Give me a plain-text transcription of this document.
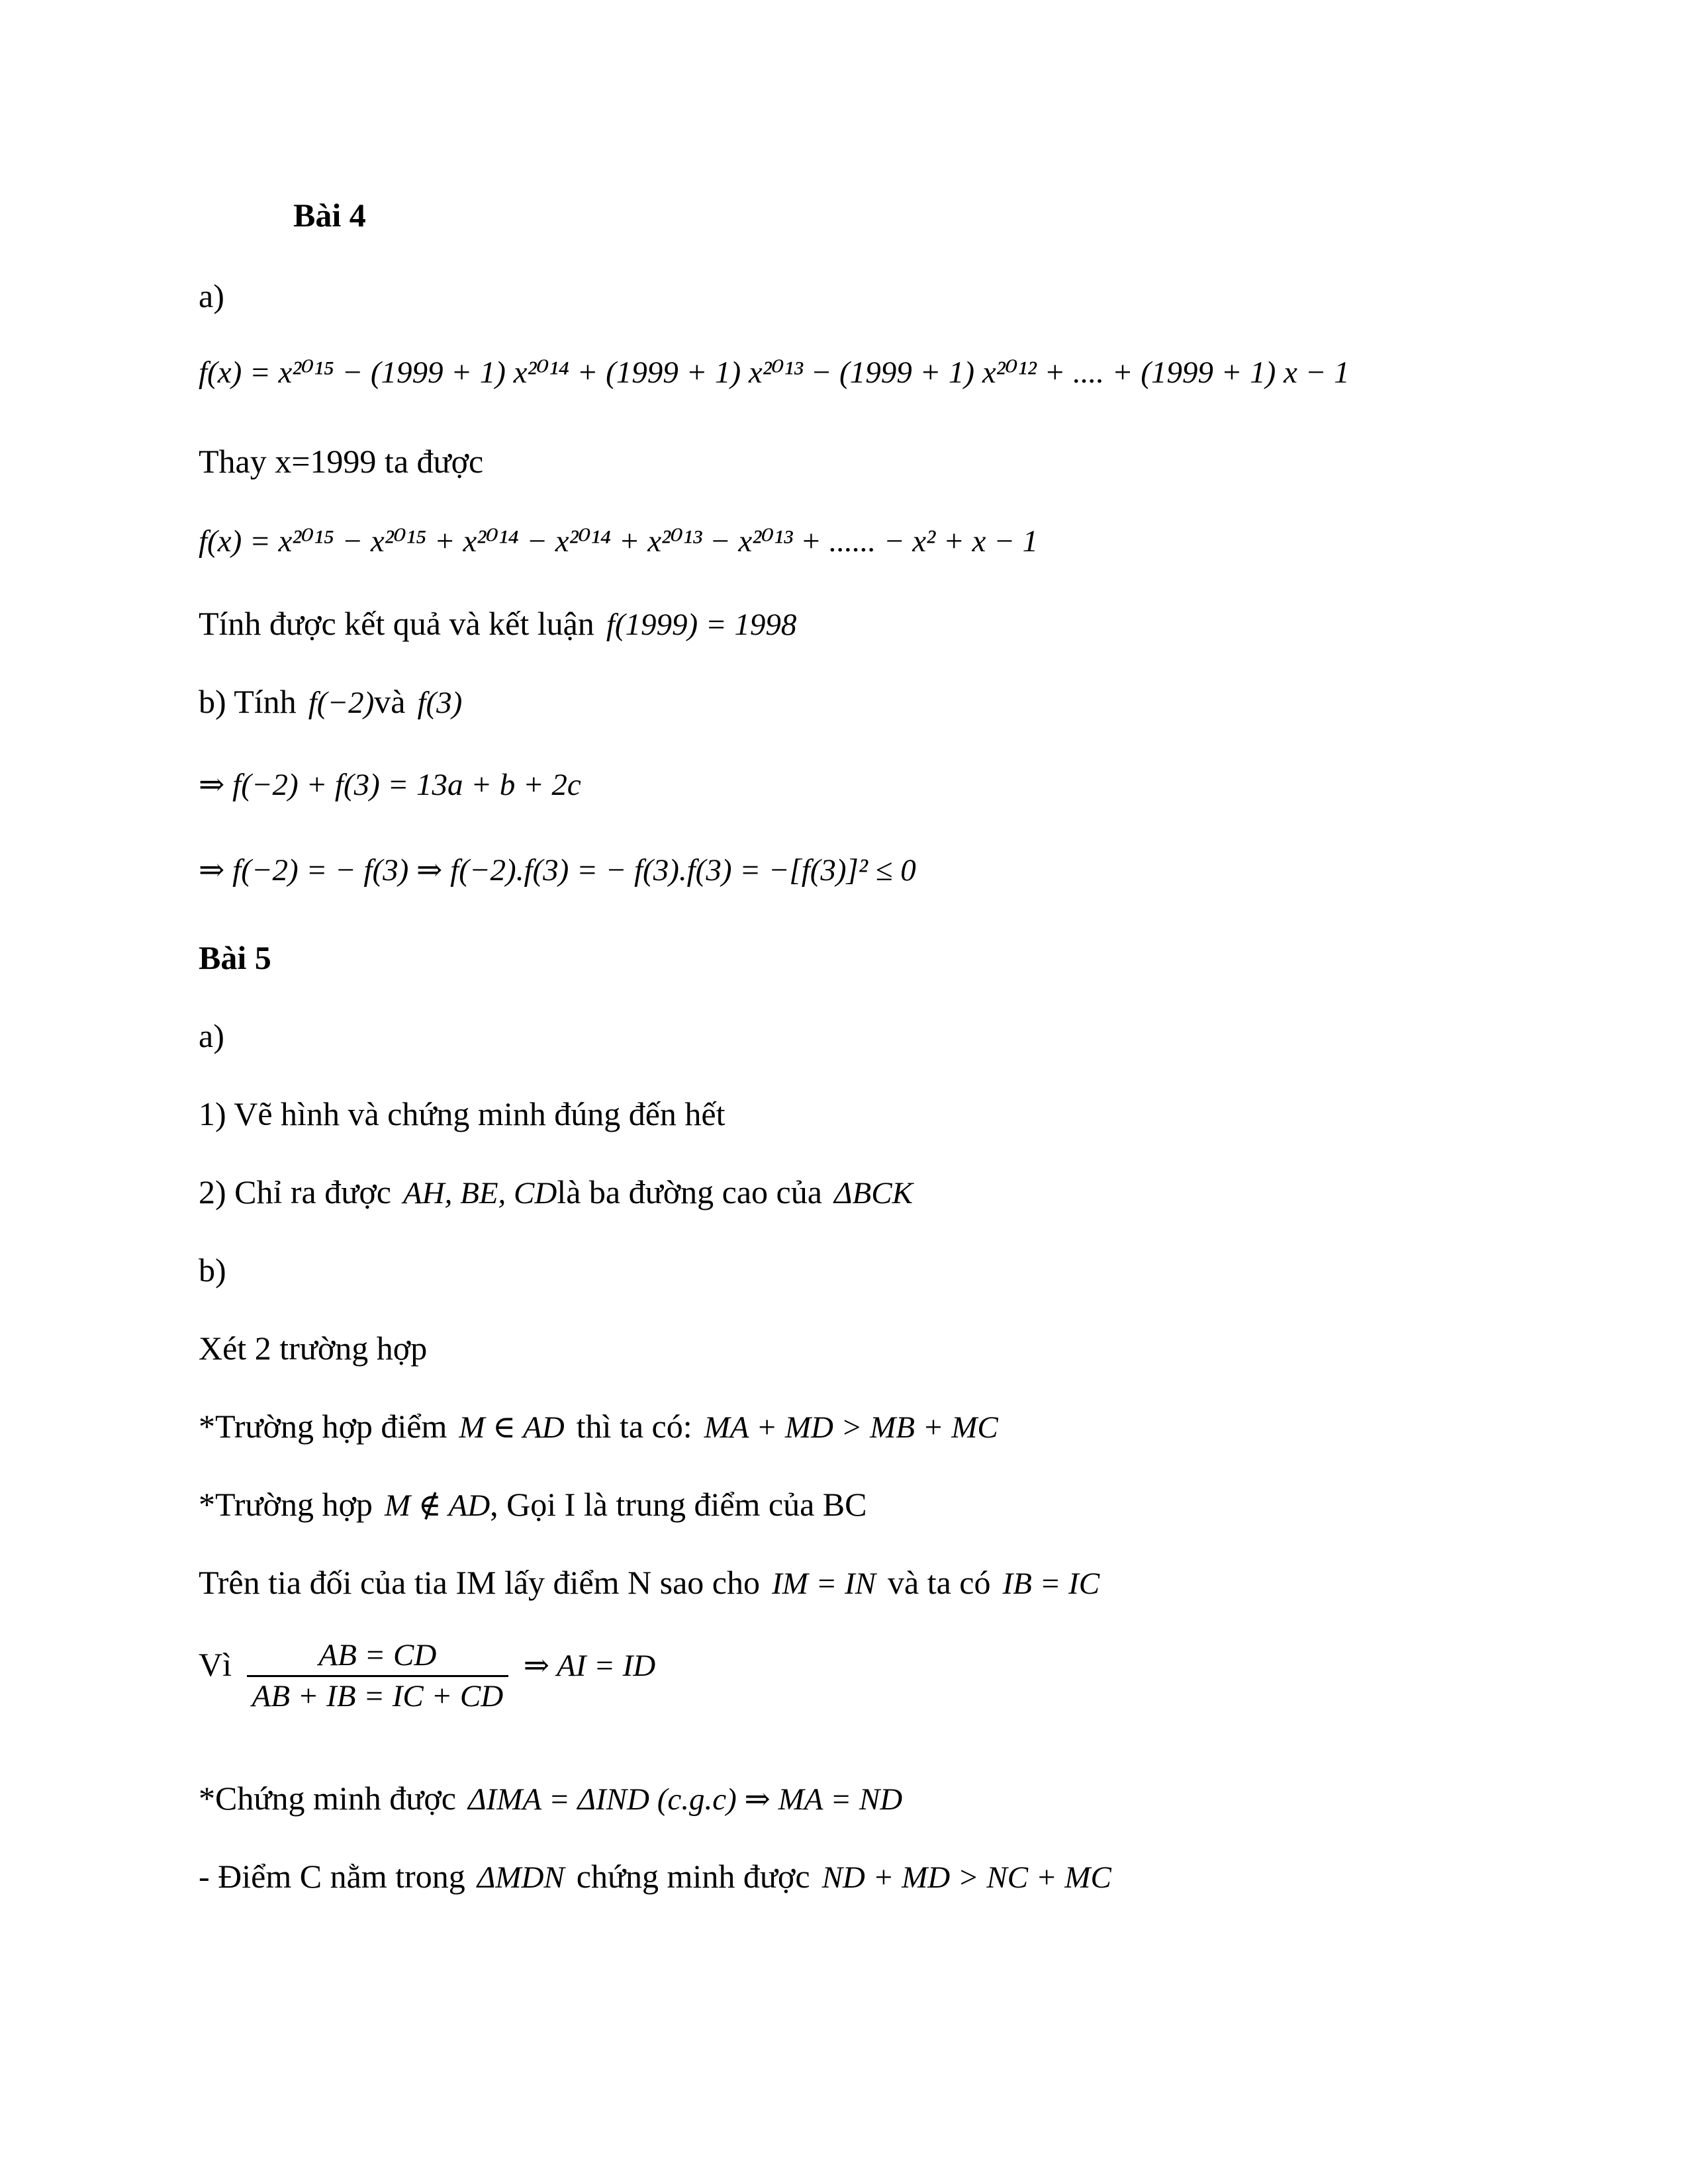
Bài 4
a)
f(x) = x²⁰¹⁵ − (1999 + 1) x²⁰¹⁴ + (1999 + 1) x²⁰¹³ − (1999 + 1) x²⁰¹² + .... + (1999 + 1) x − 1
Thay x=1999 ta được
f(x) = x²⁰¹⁵ − x²⁰¹⁵ + x²⁰¹⁴ − x²⁰¹⁴ + x²⁰¹³ − x²⁰¹³ + ...... − x² + x − 1
Tính được kết quả và kết luận f(1999) = 1998
b) Tính f(−2)và f(3)
⇒ f(−2) + f(3) = 13a + b + 2c
⇒ f(−2) = − f(3) ⇒ f(−2).f(3) = − f(3).f(3) = −[f(3)]² ≤ 0
Bài 5
a)
1) Vẽ hình và chứng minh đúng đến hết
2) Chỉ ra được AH, BE, CDlà ba đường cao của ΔBCK
b)
Xét 2 trường hợp
*Trường hợp điểm M ∈ AD thì ta có: MA + MD > MB + MC
*Trường hợp M ∉ AD, Gọi I là trung điểm của BC
Trên tia đối của tia IM lấy điểm N sao cho IM = IN và ta có IB = IC
Vì $\frac{AB = CD}{AB + IB = IC + CD}$ ⇒ AI = ID
*Chứng minh được ΔIMA = ΔIND (c.g.c) ⇒ MA = ND
- Điểm C nằm trong ΔMDN chứng minh được ND + MD > NC + MC
